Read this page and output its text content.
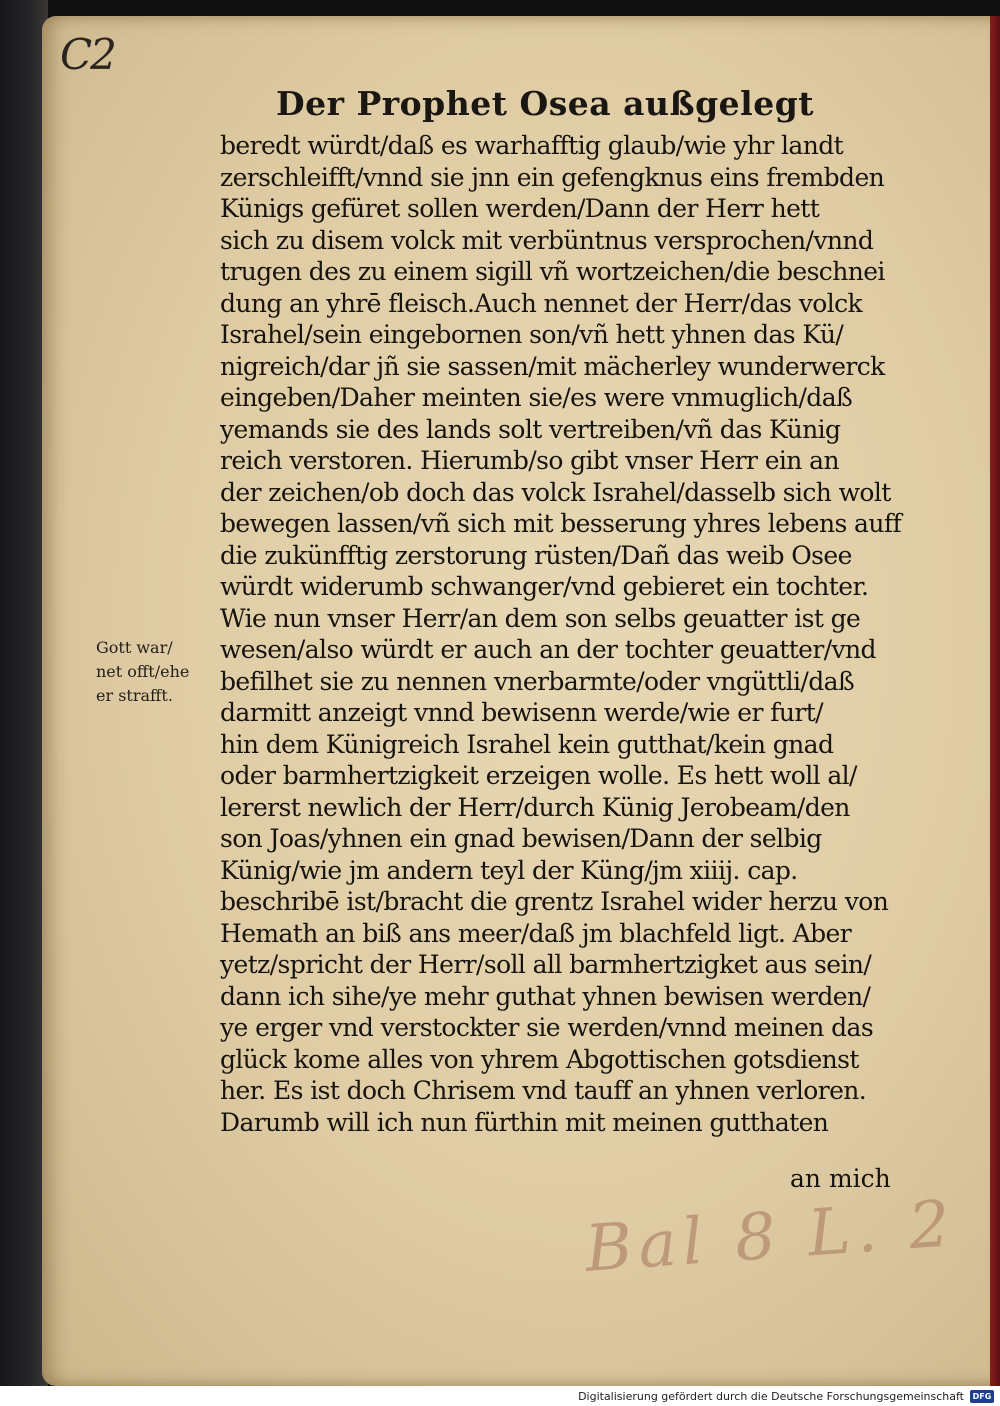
C2
Der Prophet Osea außgelegt
Gott war/
net offt/ehe
er strafft.
beredt würdt/daß es warhafftig glaub/wie yhr landt
zerschleifft/vnnd sie jnn ein gefengknus eins frembden
Künigs gefüret sollen werden/Dann der Herr hett
sich zu disem volck mit verbüntnus versprochen/vnnd
trugen des zu einem sigill vñ wortzeichen/die beschnei
dung an yhrē fleisch.Auch nennet der Herr/das volck
Israhel/sein eingebornen son/vñ hett yhnen das Kü/
nigreich/dar jñ sie sassen/mit mächerley wunderwerck
eingeben/Daher meinten sie/es were vnmuglich/daß
yemands sie des lands solt vertreiben/vñ das Künig
reich verstoren. Hierumb/so gibt vnser Herr ein an
der zeichen/ob doch das volck Israhel/dasselb sich wolt
bewegen lassen/vñ sich mit besserung yhres lebens auff
die zukünfftig zerstorung rüsten/Dañ das weib Osee
würdt widerumb schwanger/vnd gebieret ein tochter.
Wie nun vnser Herr/an dem son selbs geuatter ist ge
wesen/also würdt er auch an der tochter geuatter/vnd
befilhet sie zu nennen vnerbarmte/oder vngüttli/daß
darmitt anzeigt vnnd bewisenn werde/wie er furt/
hin dem Künigreich Israhel kein gutthat/kein gnad
oder barmhertzigkeit erzeigen wolle. Es hett woll al/
lererst newlich der Herr/durch Künig Jerobeam/den
son Joas/yhnen ein gnad bewisen/Dann der selbig
Künig/wie jm andern teyl der Küng/jm xiiij. cap.
beschribē ist/bracht die grentz Israhel wider herzu von
Hemath an biß ans meer/daß jm blachfeld ligt. Aber
yetz/spricht der Herr/soll all barmhertzigket aus sein/
dann ich sihe/ye mehr guthat yhnen bewisen werden/
ye erger vnd verstockter sie werden/vnnd meinen das
glück kome alles von yhrem Abgottischen gotsdienst
her. Es ist doch Chrisem vnd tauff an yhnen verloren.
Darumb will ich nun fürthin mit meinen gutthaten
an mich
Bal 8 L. 2
Digitalisierung gefördert durch die Deutsche Forschungsgemeinschaft	DFG
